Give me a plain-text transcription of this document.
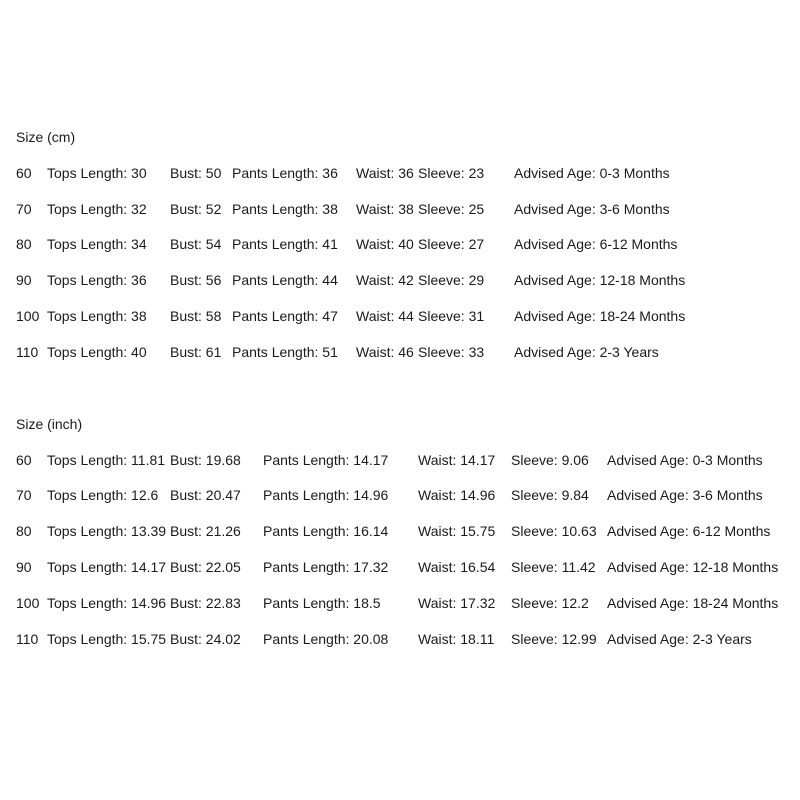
Size (cm)
60 Tops Length: 30 Bust: 50 Pants Length: 36 Waist: 36 Sleeve: 23 Advised Age: 0-3 Months
70 Tops Length: 32 Bust: 52 Pants Length: 38 Waist: 38 Sleeve: 25 Advised Age: 3-6 Months
80 Tops Length: 34 Bust: 54 Pants Length: 41 Waist: 40 Sleeve: 27 Advised Age: 6-12 Months
90 Tops Length: 36 Bust: 56 Pants Length: 44 Waist: 42 Sleeve: 29 Advised Age: 12-18 Months
100 Tops Length: 38 Bust: 58 Pants Length: 47 Waist: 44 Sleeve: 31 Advised Age: 18-24 Months
110 Tops Length: 40 Bust: 61 Pants Length: 51 Waist: 46 Sleeve: 33 Advised Age: 2-3 Years
Size (inch)
60 Tops Length: 11.81 Bust: 19.68 Pants Length: 14.17 Waist: 14.17 Sleeve: 9.06 Advised Age: 0-3 Months
70 Tops Length: 12.6 Bust: 20.47 Pants Length: 14.96 Waist: 14.96 Sleeve: 9.84 Advised Age: 3-6 Months
80 Tops Length: 13.39 Bust: 21.26 Pants Length: 16.14 Waist: 15.75 Sleeve: 10.63 Advised Age: 6-12 Months
90 Tops Length: 14.17 Bust: 22.05 Pants Length: 17.32 Waist: 16.54 Sleeve: 11.42 Advised Age: 12-18 Months
100 Tops Length: 14.96 Bust: 22.83 Pants Length: 18.5	Waist: 17.32 Sleeve: 12.2 Advised Age: 18-24 Months
110 Tops Length: 15.75 Bust: 24.02 Pants Length: 20.08 Waist: 18.11 Sleeve: 12.99 Advised Age: 2-3 Years
